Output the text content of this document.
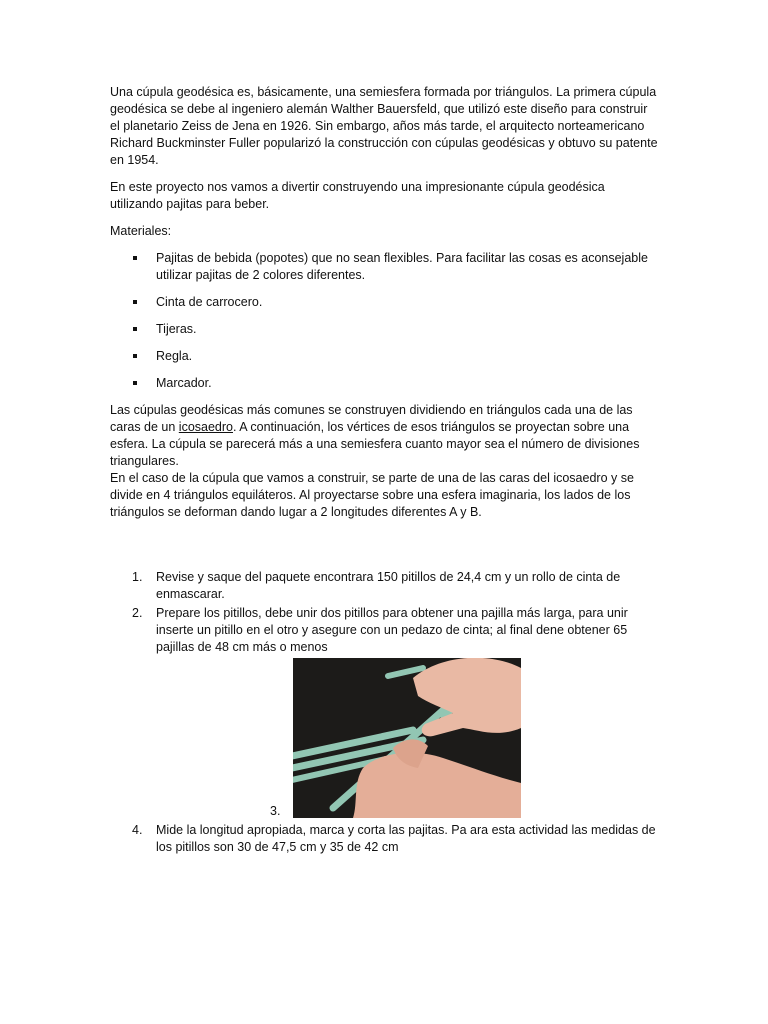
Una cúpula geodésica es, básicamente, una semiesfera formada por triángulos. La primera cúpula geodésica se debe al ingeniero alemán Walther Bauersfeld, que utilizó este diseño para construir el planetario Zeiss de Jena en 1926. Sin embargo, años más tarde, el arquitecto norteamericano Richard Buckminster Fuller popularizó la construcción con cúpulas geodésicas y obtuvo su patente en 1954.

En este proyecto nos vamos a divertir construyendo una impresionante cúpula geodésica utilizando pajitas para beber.

Materiales:

Pajitas de bebida (popotes) que no sean flexibles. Para facilitar las cosas es aconsejable utilizar pajitas de 2 colores diferentes.
Cinta de carrocero.
Tijeras.
Regla.
Marcador.

Las cúpulas geodésicas más comunes se construyen dividiendo en triángulos cada una de las caras de un icosaedro. A continuación, los vértices de esos triángulos se proyectan sobre una esfera. La cúpula se parecerá más a una semiesfera cuanto mayor sea el número de divisiones triangulares.

En el caso de la cúpula que vamos a construir, se parte de una de las caras del icosaedro y se divide en 4 triángulos equiláteros. Al proyectarse sobre una esfera imaginaria, los lados de los triángulos se deforman dando lugar a 2 longitudes diferentes A y B.

1. Revise y saque del paquete encontrara 150 pitillos de 24,4 cm y un rollo de cinta de enmascarar.
2. Prepare los pitillos, debe unir dos pitillos para obtener una pajilla más larga, para unir inserte un pitillo en el otro y asegure con un pedazo de cinta; al final dene obtener 65 pajillas de 48 cm más o menos
3.
4. Mide la longitud apropiada, marca y corta las pajitas. Pa ara esta actividad las medidas de los pitillos son 30 de 47,5 cm y 35 de 42 cm
